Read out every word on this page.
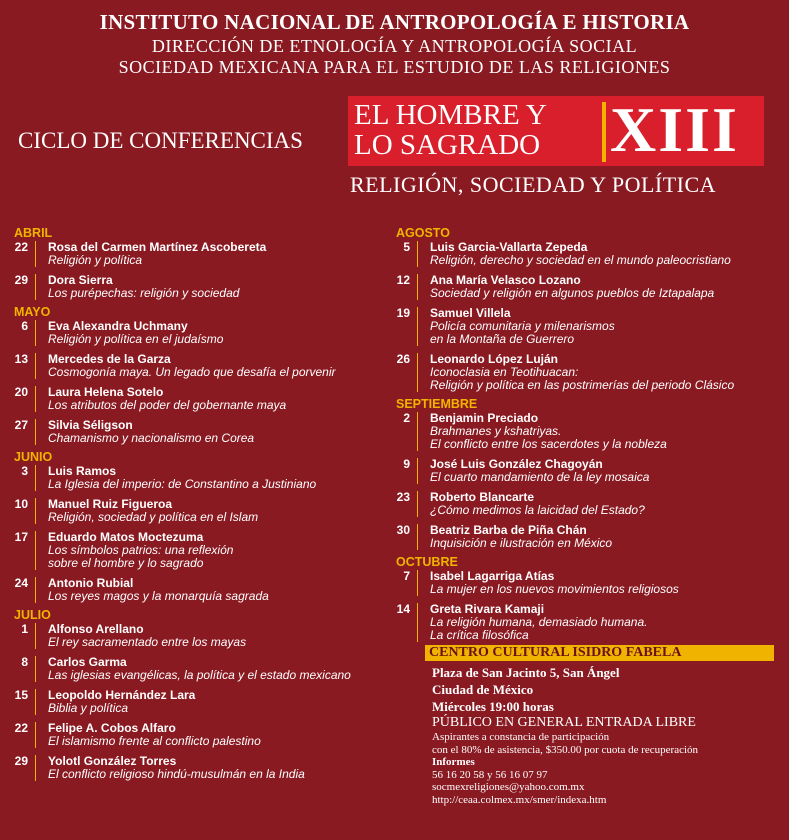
INSTITUTO NACIONAL DE ANTROPOLOGÍA E HISTORIA
DIRECCIÓN DE ETNOLOGÍA Y ANTROPOLOGÍA SOCIAL
SOCIEDAD MEXICANA PARA EL ESTUDIO DE LAS RELIGIONES
CICLO DE CONFERENCIAS
EL HOMBRE Y
LO SAGRADO XIII
RELIGIÓN, SOCIEDAD Y POLÍTICA
ABRIL
22 Rosa del Carmen Martínez Ascobereta
Religión y política
29 Dora Sierra
Los purépechas: religión y sociedad
MAYO
6 Eva Alexandra Uchmany
Religión y política en el judaísmo
13 Mercedes de la Garza
Cosmogonía maya. Un legado que desafía el porvenir
20 Laura Helena Sotelo
Los atributos del poder del gobernante maya
27 Silvia Séligson
Chamanismo y nacionalismo en Corea
JUNIO
3 Luis Ramos
La Iglesia del imperio: de Constantino a Justiniano
10 Manuel Ruiz Figueroa
Religión, sociedad y política en el Islam
17 Eduardo Matos Moctezuma
Los símbolos patrios: una reflexión
sobre el hombre y lo sagrado
24 Antonio Rubial
Los reyes magos y la monarquía sagrada
JULIO
1 Alfonso Arellano
El rey sacramentado entre los mayas
8 Carlos Garma
Las iglesias evangélicas, la política y el estado mexicano
15 Leopoldo Hernández Lara
Biblia y política
22 Felipe A. Cobos Alfaro
El islamismo frente al conflicto palestino
29 Yolotl González Torres
El conflicto religioso hindú-musulmán en la India
AGOSTO
5 Luis Garcia-Vallarta Zepeda
Religión, derecho y sociedad en el mundo paleocristiano
12 Ana María Velasco Lozano
Sociedad y religión en algunos pueblos de Iztapalapa
19 Samuel Villela
Policía comunitaria y milenarismos
en la Montaña de Guerrero
26 Leonardo López Luján
Iconoclasia en Teotihuacan:
Religión y política en las postrimerías del periodo Clásico
SEPTIEMBRE
2 Benjamin Preciado
Brahmanes y kshatriyas.
El conflicto entre los sacerdotes y la nobleza
9 José Luis González Chagoyán
El cuarto mandamiento de la ley mosaica
23 Roberto Blancarte
¿Cómo medimos la laicidad del Estado?
30 Beatriz Barba de Piña Chán
Inquisición e ilustración en México
OCTUBRE
7 Isabel Lagarriga Atías
La mujer en los nuevos movimientos religiosos
14 Greta Rivara Kamaji
La religión humana, demasiado humana.
La crítica filosófica
CENTRO CULTURAL ISIDRO FABELA
Plaza de San Jacinto 5, San Ángel
Ciudad de México
Miércoles 19:00 horas
PÚBLICO EN GENERAL ENTRADA LIBRE
Aspirantes a constancia de participación
con el 80% de asistencia, $350.00 por cuota de recuperación
Informes
56 16 20 58 y 56 16 07 97
socmexreligiones@yahoo.com.mx
http://ceaa.colmex.mx/smer/indexa.htm
